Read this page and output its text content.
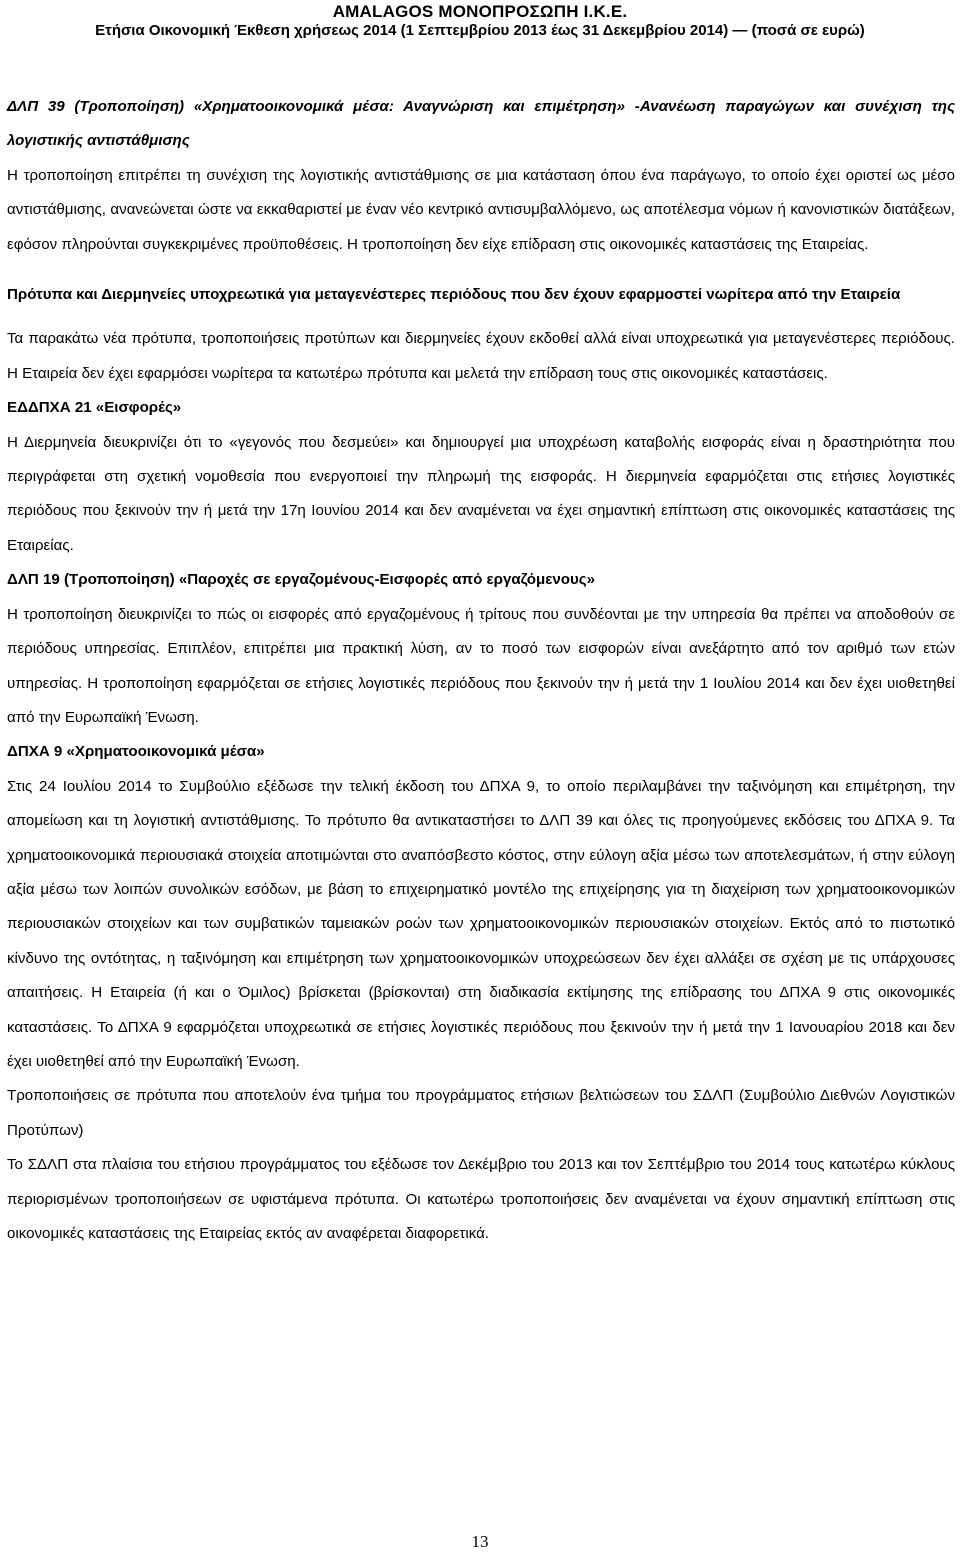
AMALAGOS ΜΟΝΟΠΡΟΣΩΠΗ Ι.Κ.Ε.
Ετήσια Οικονομική Έκθεση χρήσεως 2014 (1 Σεπτεμβρίου 2013 έως 31 Δεκεμβρίου 2014) — (ποσά σε ευρώ)

ΔΛΠ 39 (Τροποποίηση) «Χρηματοοικονομικά μέσα: Αναγνώριση και επιμέτρηση» -Ανανέωση παραγώγων και συνέχιση της λογιστικής αντιστάθμισης

Η τροποποίηση επιτρέπει τη συνέχιση της λογιστικής αντιστάθμισης σε μια κατάσταση όπου ένα παράγωγο, το οποίο έχει οριστεί ως μέσο αντιστάθμισης, ανανεώνεται ώστε να εκκαθαριστεί με έναν νέο κεντρικό αντισυμβαλλόμενο, ως αποτέλεσμα νόμων ή κανονιστικών διατάξεων, εφόσον πληρούνται συγκεκριμένες προϋποθέσεις. Η τροποποίηση δεν είχε επίδραση στις οικονομικές καταστάσεις της Εταιρείας.

Πρότυπα και Διερμηνείες υποχρεωτικά για μεταγενέστερες περιόδους που δεν έχουν εφαρμοστεί νωρίτερα από την Εταιρεία

Τα παρακάτω νέα πρότυπα, τροποποιήσεις προτύπων και διερμηνείες έχουν εκδοθεί αλλά είναι υποχρεωτικά για μεταγενέστερες περιόδους. Η Εταιρεία δεν έχει εφαρμόσει νωρίτερα τα κατωτέρω πρότυπα και μελετά την επίδραση τους στις οικονομικές καταστάσεις.

ΕΔΔΠΧΑ 21 «Εισφορές»

Η Διερμηνεία διευκρινίζει ότι το «γεγονός που δεσμεύει» και δημιουργεί μια υποχρέωση καταβολής εισφοράς είναι η δραστηριότητα που περιγράφεται στη σχετική νομοθεσία που ενεργοποιεί την πληρωμή της εισφοράς. Η διερμηνεία εφαρμόζεται στις ετήσιες λογιστικές περιόδους που ξεκινούν την ή μετά την 17η Ιουνίου 2014 και δεν αναμένεται να έχει σημαντική επίπτωση στις οικονομικές καταστάσεις της Εταιρείας.

ΔΛΠ 19 (Τροποποίηση) «Παροχές σε εργαζομένους-Εισφορές από εργαζόμενους»

Η τροποποίηση διευκρινίζει το πώς οι εισφορές από εργαζομένους ή τρίτους που συνδέονται με την υπηρεσία θα πρέπει να αποδοθούν σε περιόδους υπηρεσίας. Επιπλέον, επιτρέπει μια πρακτική λύση, αν το ποσό των εισφορών είναι ανεξάρτητο από τον αριθμό των ετών υπηρεσίας. Η τροποποίηση εφαρμόζεται σε ετήσιες λογιστικές περιόδους που ξεκινούν την ή μετά την 1 Ιουλίου 2014 και δεν έχει υιοθετηθεί από την Ευρωπαϊκή Ένωση.

ΔΠΧΑ 9 «Χρηματοοικονομικά μέσα»

Στις 24 Ιουλίου 2014 το Συμβούλιο εξέδωσε την τελική έκδοση του ΔΠΧΑ 9, το οποίο περιλαμβάνει την ταξινόμηση και επιμέτρηση, την απομείωση και τη λογιστική αντιστάθμισης. Το πρότυπο θα αντικαταστήσει το ΔΛΠ 39 και όλες τις προηγούμενες εκδόσεις του ΔΠΧΑ 9. Τα χρηματοοικονομικά περιουσιακά στοιχεία αποτιμώνται στο αναπόσβεστο κόστος, στην εύλογη αξία μέσω των αποτελεσμάτων, ή στην εύλογη αξία μέσω των λοιπών συνολικών εσόδων, με βάση το επιχειρηματικό μοντέλο της επιχείρησης για τη διαχείριση των χρηματοοικονομικών περιουσιακών στοιχείων και των συμβατικών ταμειακών ροών των χρηματοοικονομικών περιουσιακών στοιχείων. Εκτός από το πιστωτικό κίνδυνο της οντότητας, η ταξινόμηση και επιμέτρηση των χρηματοοικονομικών υποχρεώσεων δεν έχει αλλάξει σε σχέση με τις υπάρχουσες απαιτήσεις. Η Εταιρεία (ή και ο Όμιλος) βρίσκεται (βρίσκονται) στη διαδικασία εκτίμησης της επίδρασης του ΔΠΧΑ 9 στις οικονομικές καταστάσεις. Το ΔΠΧΑ 9 εφαρμόζεται υποχρεωτικά σε ετήσιες λογιστικές περιόδους που ξεκινούν την ή μετά την 1 Ιανουαρίου 2018 και δεν έχει υιοθετηθεί από την Ευρωπαϊκή Ένωση.

Τροποποιήσεις σε πρότυπα που αποτελούν ένα τμήμα του προγράμματος ετήσιων βελτιώσεων του ΣΔΛΠ (Συμβούλιο Διεθνών Λογιστικών Προτύπων)

Το ΣΔΛΠ στα πλαίσια του ετήσιου προγράμματος του εξέδωσε τον Δεκέμβριο του 2013 και τον Σεπτέμβριο του 2014 τους κατωτέρω κύκλους περιορισμένων τροποποιήσεων σε υφιστάμενα πρότυπα. Οι κατωτέρω τροποποιήσεις δεν αναμένεται να έχουν σημαντική επίπτωση στις οικονομικές καταστάσεις της Εταιρείας εκτός αν αναφέρεται διαφορετικά.

13
